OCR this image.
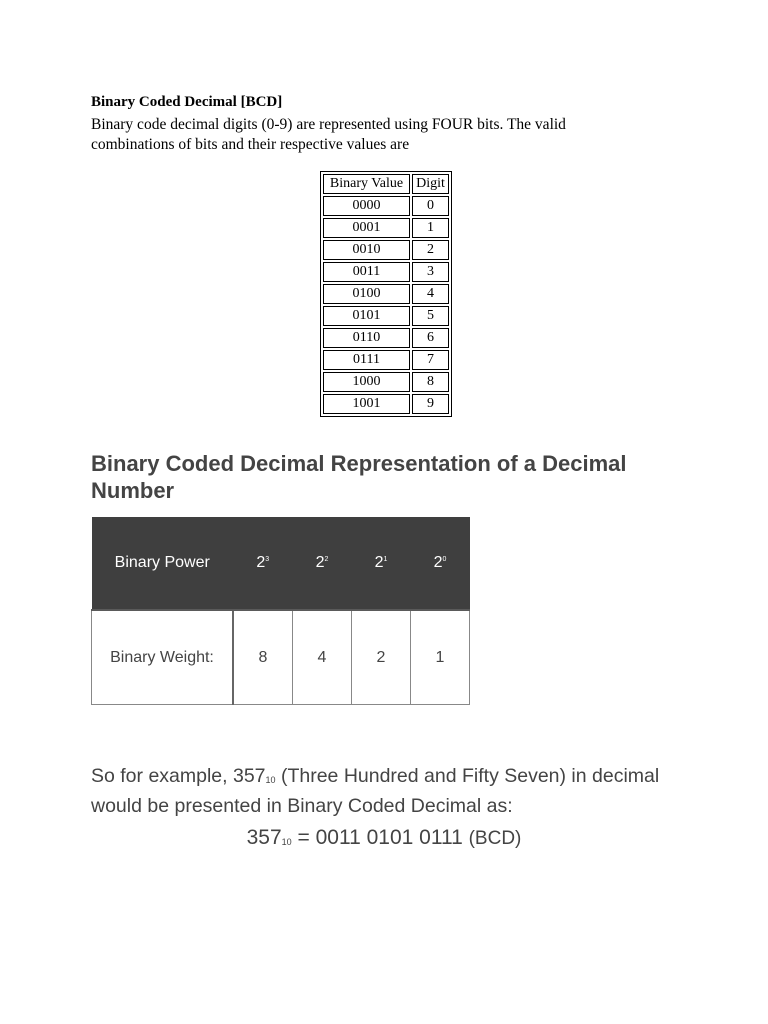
Binary Coded Decimal [BCD]
Binary code decimal digits (0-9) are represented using FOUR bits. The valid combinations of bits and their respective values are
Binary Value	Digit
0000	0
0001	1
0010	2
0011	3
0100	4
0101	5
0110	6
0111	7
1000	8
1001	9
Binary Coded Decimal Representation of a Decimal Number
Binary Power	$2^3$	$2^2$	$2^1$	$2^0$
Binary Weight:	8	4	2	1
So for example, $357_{10}$ (Three Hundred and Fifty Seven) in decimal would be presented in Binary Coded Decimal as:
$357_{10} = 0011$ 0101 0111 (BCD)
